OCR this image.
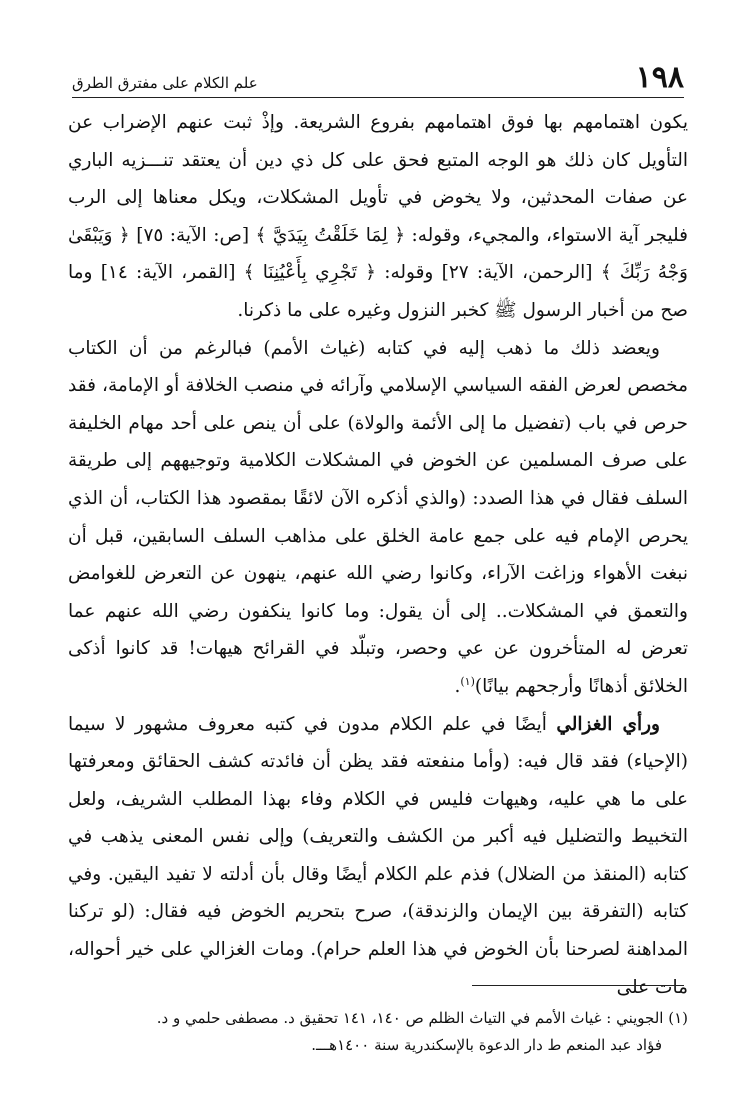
١٩٨
علم الكلام على مفترق الطرق

يكون اهتمامهم بها فوق اهتمامهم بفروع الشريعة. وإذْ ثبت عنهم الإضراب عن التأويل كان ذلك هو الوجه المتبع فحق على كل ذي دين أن يعتقد تنـــزيه الباري عن صفات المحدثين، ولا يخوض في تأويل المشكلات، ويكل معناها إلى الرب فليجر آية الاستواء، والمجيء، وقوله: ﴿ لِمَا خَلَقْتُ بِيَدَيَّ ﴾ [ص: الآية: ٧٥] ﴿ وَيَبْقَىٰ وَجْهُ رَبِّكَ ﴾ [الرحمن، الآية: ٢٧] وقوله: ﴿ تَجْرِي بِأَعْيُنِنَا ﴾ [القمر، الآية: ١٤] وما صح من أخبار الرسول ﷺ كخبر النزول وغيره على ما ذكرنا.

ويعضد ذلك ما ذهب إليه في كتابه (غياث الأمم) فبالرغم من أن الكتاب مخصص لعرض الفقه السياسي الإسلامي وآرائه في منصب الخلافة أو الإمامة، فقد حرص في باب (تفضيل ما إلى الأئمة والولاة) على أن ينص على أحد مهام الخليفة على صرف المسلمين عن الخوض في المشكلات الكلامية وتوجيههم إلى طريقة السلف فقال في هذا الصدد: (والذي أذكره الآن لائقًا بمقصود هذا الكتاب، أن الذي يحرص الإمام فيه على جمع عامة الخلق على مذاهب السلف السابقين، قبل أن نبغت الأهواء وزاغت الآراء، وكانوا رضي الله عنهم، ينهون عن التعرض للغوامض والتعمق في المشكلات.. إلى أن يقول: وما كانوا ينكفون رضي الله عنهم عما تعرض له المتأخرون عن عي وحصر، وتبلّد في القرائح هيهات! قد كانوا أذكى الخلائق أذهانًا وأرجحهم بيانًا)$^{(١)}$.

ورأي الغزالي أيضًا في علم الكلام مدون في كتبه معروف مشهور لا سيما (الإحياء) فقد قال فيه: (وأما منفعته فقد يظن أن فائدته كشف الحقائق ومعرفتها على ما هي عليه، وهيهات فليس في الكلام وفاء بهذا المطلب الشريف، ولعل التخبيط والتضليل فيه أكبر من الكشف والتعريف) وإلى نفس المعنى يذهب في كتابه (المنقذ من الضلال) فذم علم الكلام أيضًا وقال بأن أدلته لا تفيد اليقين. وفي كتابه (التفرقة بين الإيمان والزندقة)، صرح بتحريم الخوض فيه فقال: (لو تركنا المداهنة لصرحنا بأن الخوض في هذا العلم حرام). ومات الغزالي على خير أحواله، مات على

(١) الجويني : غياث الأمم في التياث الظلم ص ١٤٠، ١٤١ تحقيق د. مصطفى حلمي و د.

فؤاد عبد المنعم ط دار الدعوة بالإسكندرية سنة ١٤٠٠هـــ.
